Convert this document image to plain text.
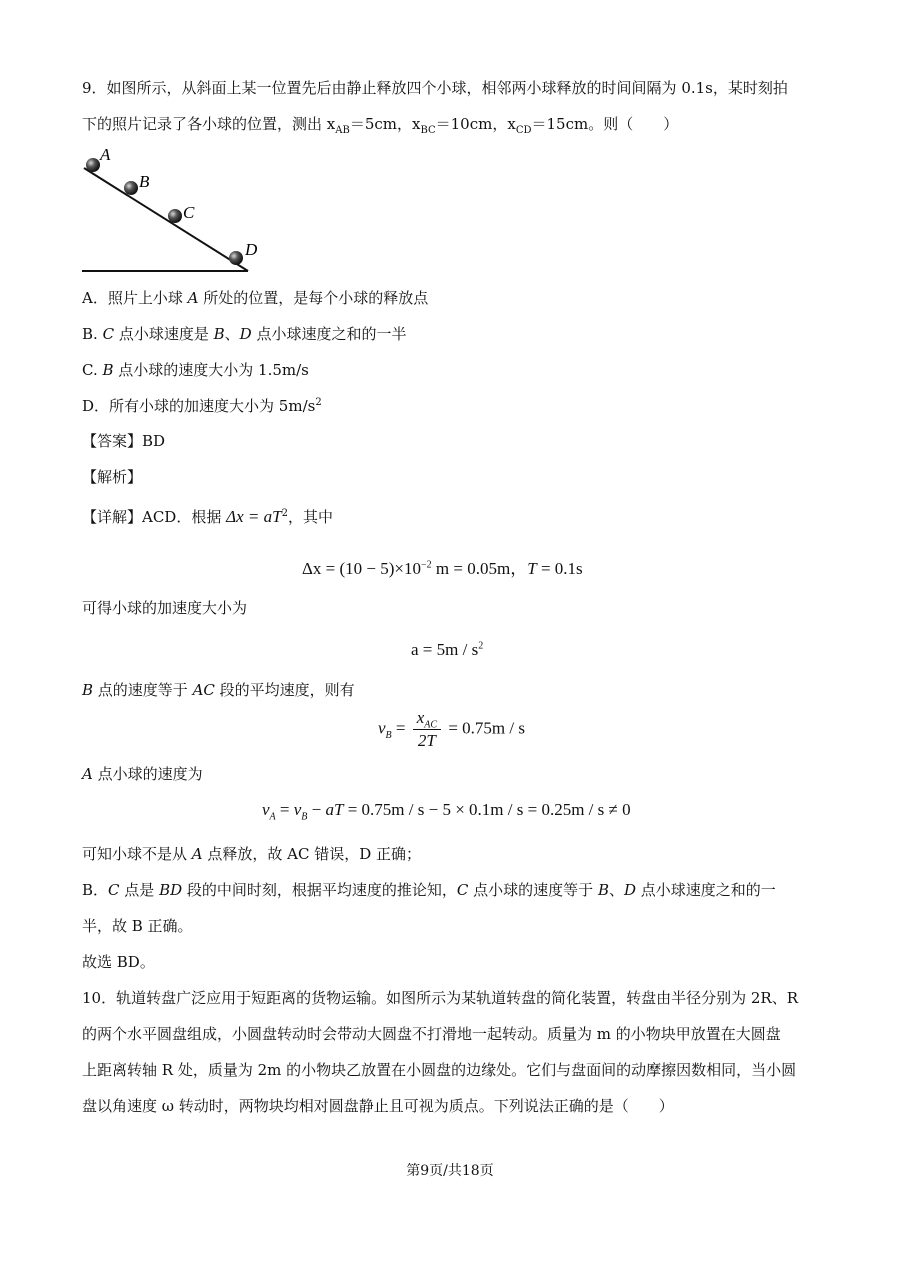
9．如图所示，从斜面上某一位置先后由静止释放四个小球，相邻两小球释放的时间间隔为 0.1s，某时刻拍
下的照片记录了各小球的位置，测出 $x_{AB}=5cm$，$x_{BC}=10cm$，$x_{CD}=15cm$。则（　　）
A
B
C
D
A．照片上小球 A 所处的位置，是每个小球的释放点
B. C 点小球速度是 B、D 点小球速度之和的一半
C. B 点小球的速度大小为 1.5m/s
D．所有小球的加速度大小为 $5m/s^2$
【答案】BD
【解析】
【详解】ACD．根据 $\Delta x = aT^2$，其中
$\Delta x = (10 - 5)\times 10^{-2}$ m = 0.05m，T = 0.1s
可得小球的加速度大小为
$a = 5m / s^2$
B 点的速度等于 AC 段的平均速度，则有
$v_B = \frac{x_{AC}}{2T} = 0.75m / s$
A 点小球的速度为
$v_A = v_B$ − aT = 0.75m / s − 5 × 0.1m / s = 0.25m / s ≠ 0
可知小球不是从 A 点释放，故 AC 错误，D 正确；
B．C 点是 BD 段的中间时刻，根据平均速度的推论知，C 点小球的速度等于 B、D 点小球速度之和的一
半，故 B 正确。
故选 BD。
10．轨道转盘广泛应用于短距离的货物运输。如图所示为某轨道转盘的简化装置，转盘由半径分别为 2R、R
的两个水平圆盘组成，小圆盘转动时会带动大圆盘不打滑地一起转动。质量为 m 的小物块甲放置在大圆盘
上距离转轴 R 处，质量为 2m 的小物块乙放置在小圆盘的边缘处。它们与盘面间的动摩擦因数相同，当小圆
盘以角速度 ω 转动时，两物块均相对圆盘静止且可视为质点。下列说法正确的是（　　）
第9页/共18页
